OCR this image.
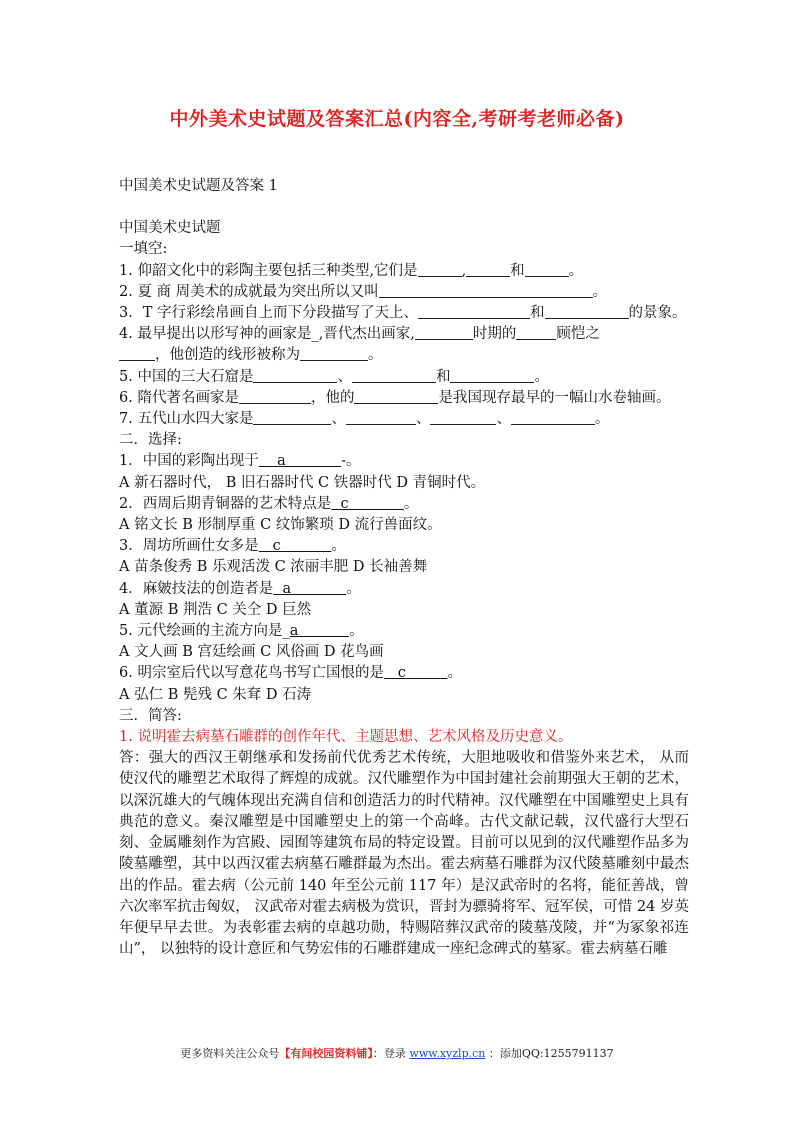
中外美术史试题及答案汇总(内容全,考研考老师必备)
中国美术史试题及答案 1
中国美术史试题
一填空:
1. 仰韶文化中的彩陶主要包括三种类型,它们是	,	和	。
2. 夏 商 周美术的成就最为突出所以又叫	。
3．T 字行彩绘帛画自上而下分段描写了天上、	和	的景象。
4. 最早提出以形写神的画家是_,晋代杰出画家,	时期的	顾恺之
，他创造的线形被称为	。
5. 中国的三大石窟是	、	和	。
6. 隋代著名画家是	，他的	是我国现存最早的一幅山水卷轴画。
7. 五代山水四大家是	、	、	、	。
二．选择:
1．中国的彩陶出现于 a	-。
A 新石器时代， B 旧石器时代 C 铁器时代 D 青铜时代。
2．西周后期青铜器的艺术特点是 c	。
A 铭文长 B 形制厚重 C 纹饰繁琐 D 流行兽面纹。
3．周坊所画仕女多是 c	。
A 苗条俊秀 B 乐观活泼 C 浓丽丰肥 D 长袖善舞
4．麻皴技法的创造者是 a	。
A 董源 B 荆浩 C 关仝 D 巨然
5. 元代绘画的主流方向是_a	。
A 文人画 B 宫廷绘画 C 风俗画 D 花鸟画
6. 明宗室后代以写意花鸟书写亡国恨的是 c	。
A 弘仁 B 髡残 C 朱耷 D 石涛
三．简答:
1. 说明霍去病墓石雕群的创作年代、主题思想、艺术风格及历史意义。
答：强大的西汉王朝继承和发扬前代优秀艺术传统，大胆地吸收和借鉴外来艺术， 从而使汉代的雕塑艺术取得了辉煌的成就。汉代雕塑作为中国封建社会前期强大王朝的艺术，以深沉雄大的气魄体现出充满自信和创造活力的时代精神。汉代雕塑在中国雕塑史上具有典范的意义。秦汉雕塑是中国雕塑史上的第一个高峰。古代文献记载，汉代盛行大型石刻、金属雕刻作为宫殿、园囿等建筑布局的特定设置。目前可以见到的汉代雕塑作品多为陵墓雕塑，其中以西汉霍去病墓石雕群最为杰出。霍去病墓石雕群为汉代陵墓雕刻中最杰出的作品。霍去病（公元前 140 年至公元前 117 年）是汉武帝时的名将，能征善战，曾六次率军抗击匈奴， 汉武帝对霍去病极为赏识，晋封为骠骑将军、冠军侯，可惜 24 岁英年便早早去世。为表彰霍去病的卓越功勋，特赐陪葬汉武帝的陵墓茂陵，并“为冢象祁连山”， 以独特的设计意匠和气势宏伟的石雕群建成一座纪念碑式的墓冢。霍去病墓石雕
更多资料关注公众号【有间校园资料铺】：登录 www.xyzlp.cn ：添加QQ:1255791137
